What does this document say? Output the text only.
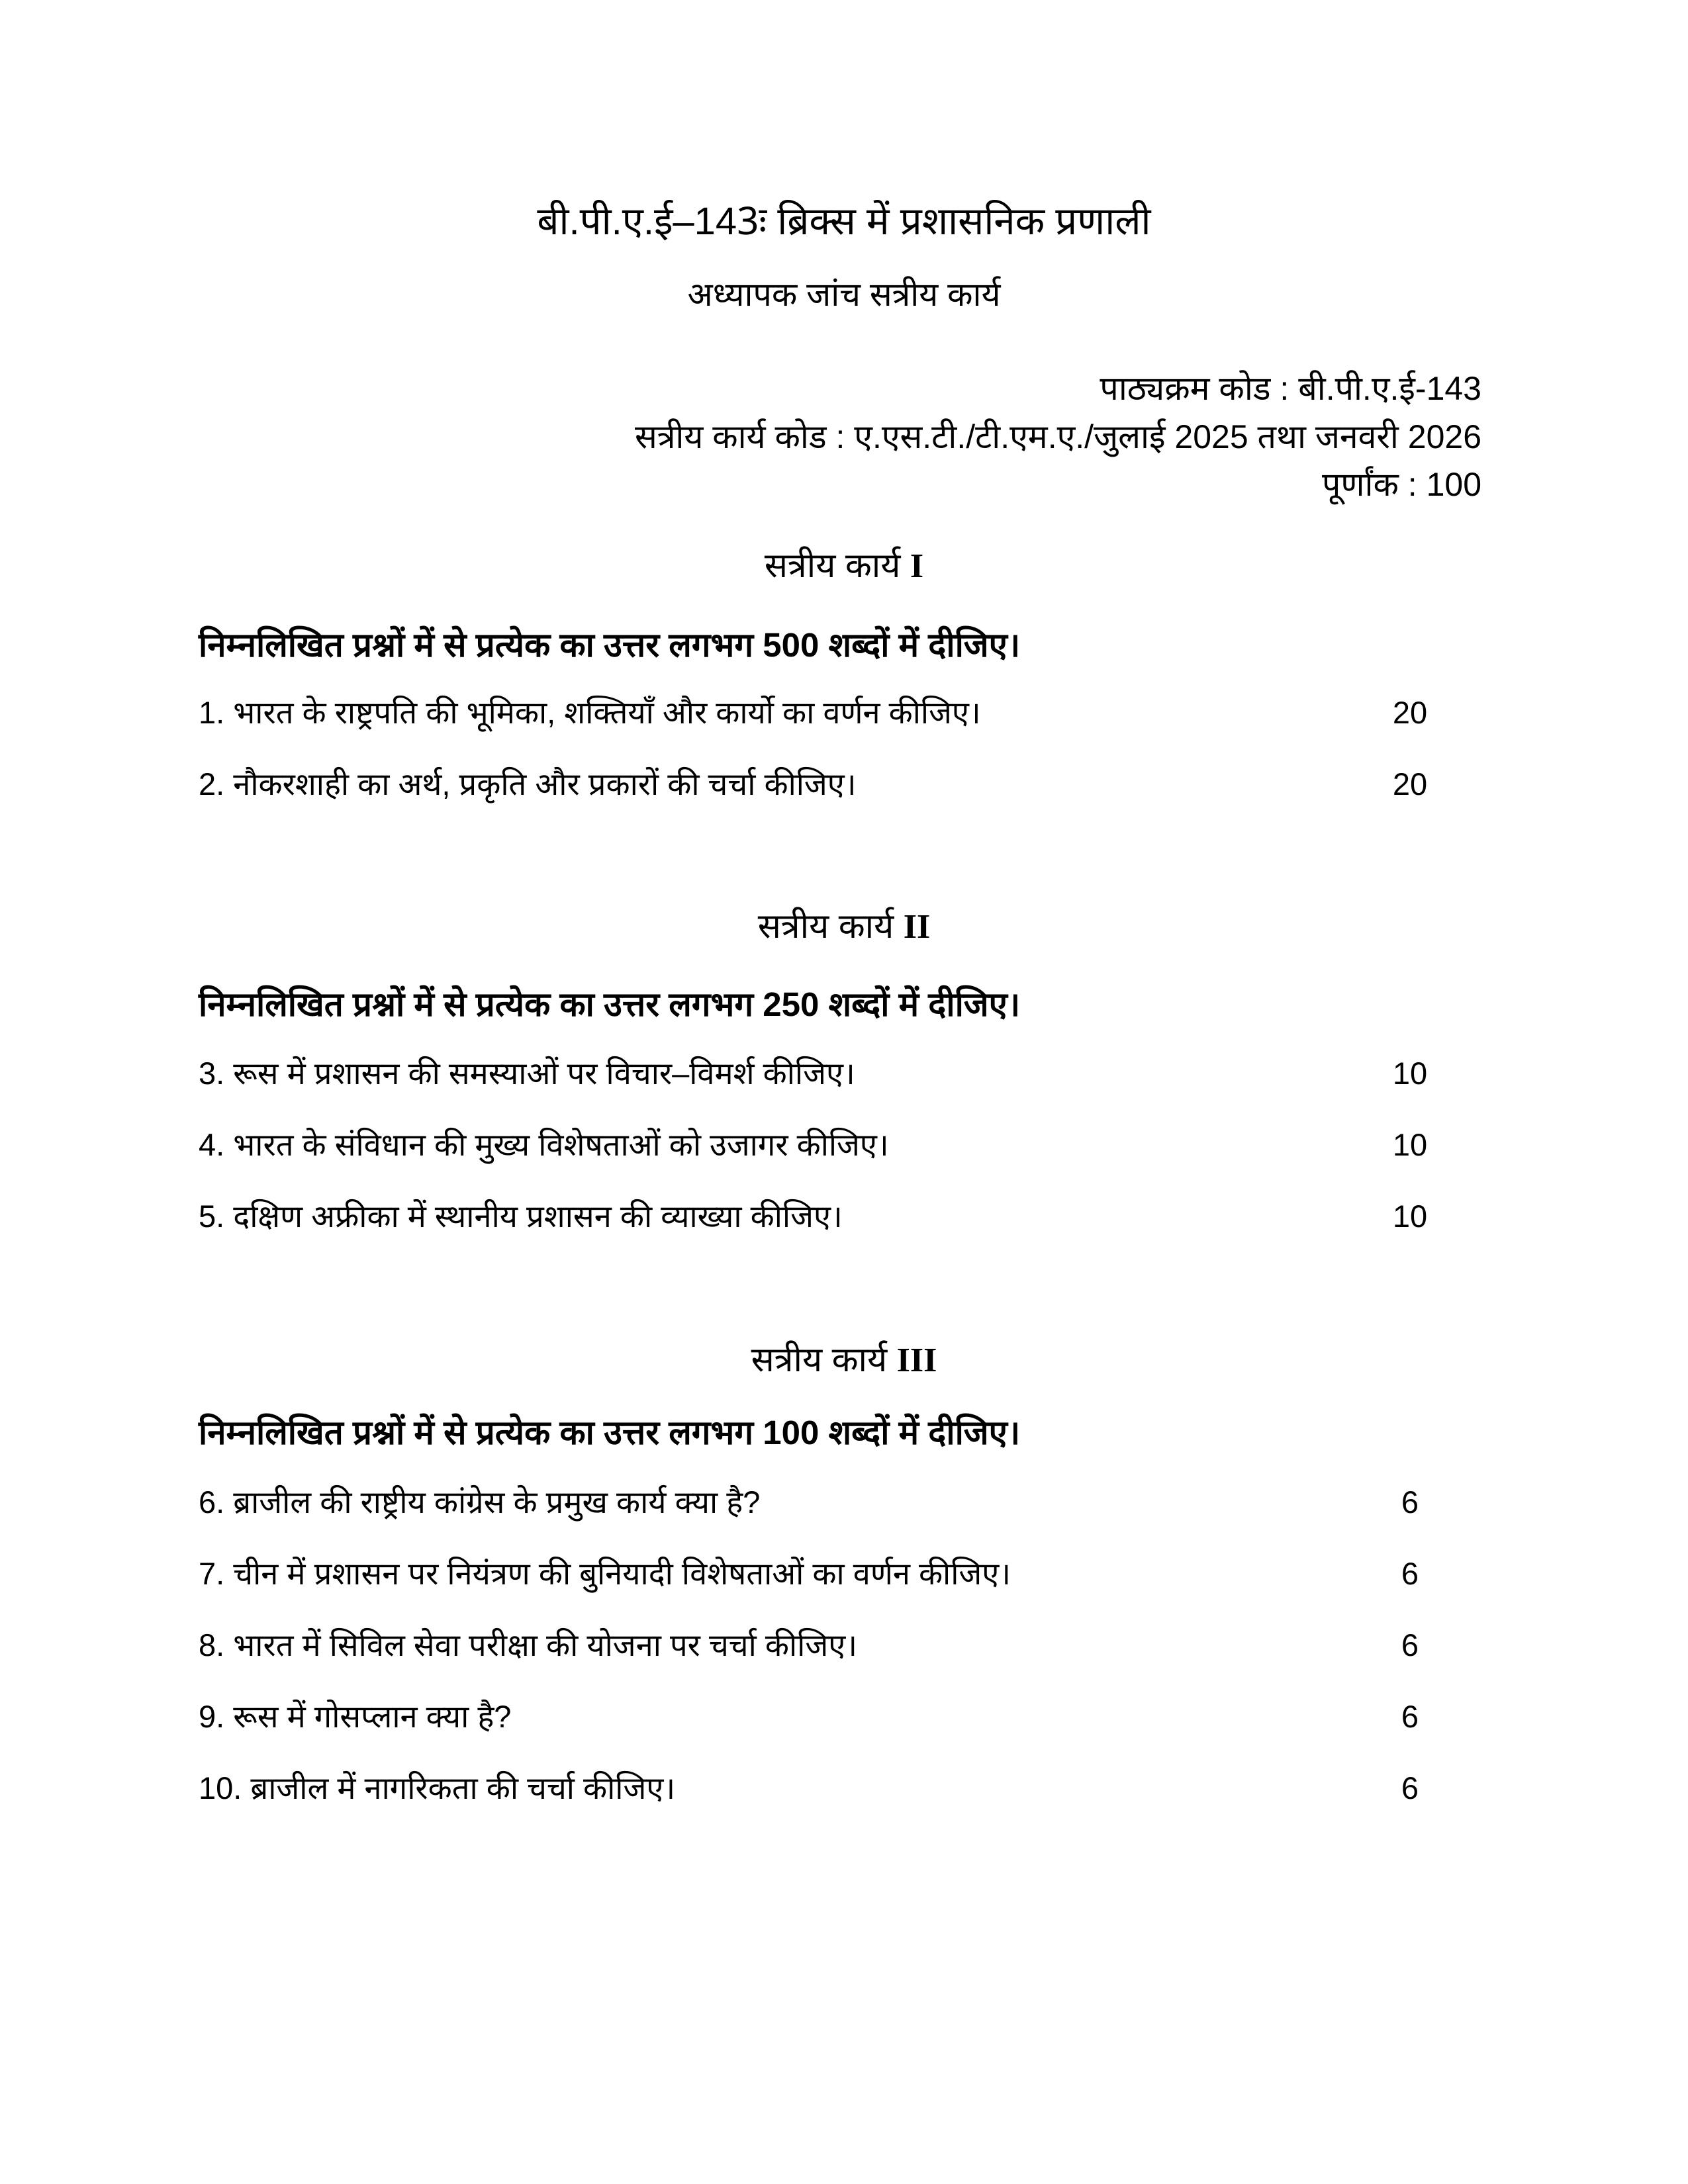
बी.पी.ए.ई–143ः ब्रिक्स में प्रशासनिक प्रणाली
अध्यापक जांच सत्रीय कार्य
पाठ्यक्रम कोड : बी.पी.ए.ई-143
सत्रीय कार्य कोड : ए.एस.टी./टी.एम.ए./जुलाई 2025 तथा जनवरी 2026
पूर्णांक : 100
सत्रीय कार्य I
निम्नलिखित प्रश्नों में से प्रत्येक का उत्तर लगभग 500 शब्दों में दीजिए।
1. भारत के राष्ट्रपति की भूमिका, शक्तियाँ और कार्यो का वर्णन कीजिए।	20
2. नौकरशाही का अर्थ, प्रकृति और प्रकारों की चर्चा कीजिए।	20
सत्रीय कार्य II
निम्नलिखित प्रश्नों में से प्रत्येक का उत्तर लगभग 250 शब्दों में दीजिए।
3. रूस में प्रशासन की समस्याओं पर विचार–विमर्श कीजिए।	10
4. भारत के संविधान की मुख्य विशेषताओं को उजागर कीजिए।	10
5. दक्षिण अफ्रीका में स्थानीय प्रशासन की व्याख्या कीजिए।	10
सत्रीय कार्य III
निम्नलिखित प्रश्नों में से प्रत्येक का उत्तर लगभग 100 शब्दों में दीजिए।
6. ब्राजील की राष्ट्रीय कांग्रेस के प्रमुख कार्य क्या है?	6
7. चीन में प्रशासन पर नियंत्रण की बुनियादी विशेषताओं का वर्णन कीजिए।	6
8. भारत में सिविल सेवा परीक्षा की योजना पर चर्चा कीजिए।	6
9. रूस में गोसप्लान क्या है?	6
10. ब्राजील में नागरिकता की चर्चा कीजिए।	6
